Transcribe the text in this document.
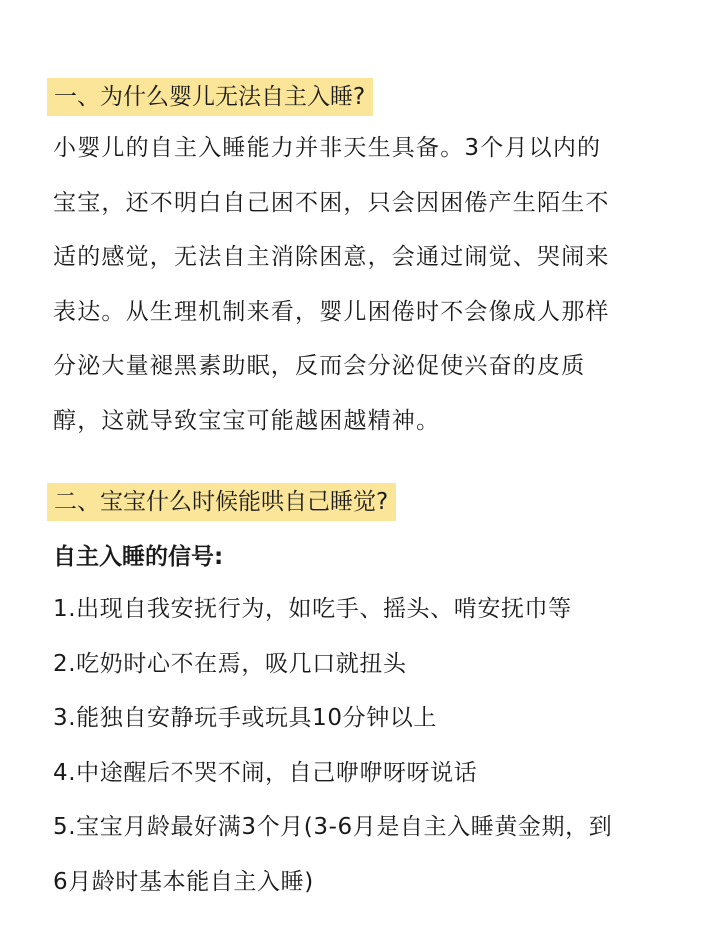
一、为什么婴儿无法自主入睡?
小婴儿的自主入睡能力并非天生具备。3个月以内的
宝宝，还不明白自己困不困，只会因困倦产生陌生不
适的感觉，无法自主消除困意，会通过闹觉、哭闹来
表达。从生理机制来看，婴儿困倦时不会像成人那样
分泌大量褪黑素助眠，反而会分泌促使兴奋的皮质
醇，这就导致宝宝可能越困越精神。
二、宝宝什么时候能哄自己睡觉?
自主入睡的信号:
1.出现自我安抚行为，如吃手、摇头、啃安抚巾等
2.吃奶时心不在焉，吸几口就扭头
3.能独自安静玩手或玩具10分钟以上
4.中途醒后不哭不闹，自己咿咿呀呀说话
5.宝宝月龄最好满3个月(3-6月是自主入睡黄金期，到
6月龄时基本能自主入睡)
